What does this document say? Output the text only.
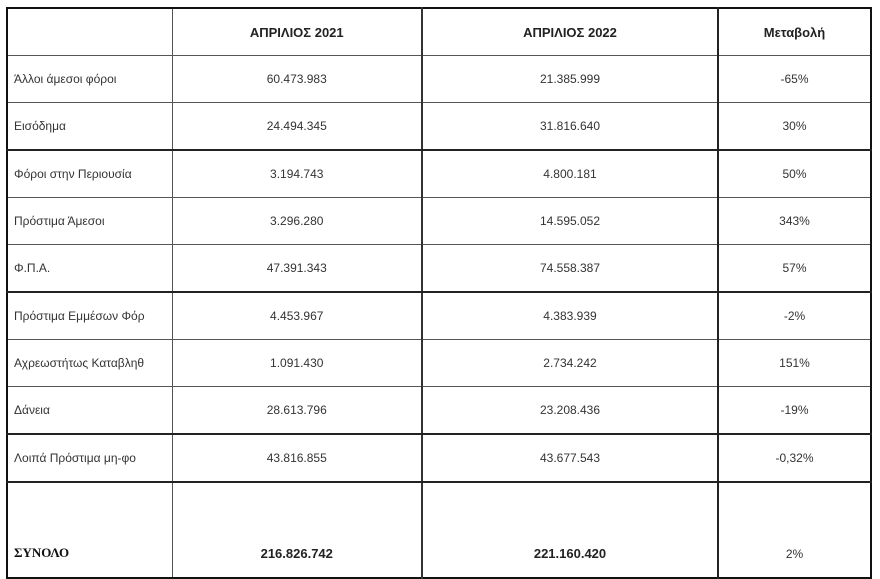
	ΑΠΡΙΛΙΟΣ 2021	ΑΠΡΙΛΙΟΣ 2022	Μεταβολή
Άλλοι άμεσοι φόροι	60.473.983	21.385.999	-65%
Εισόδημα	24.494.345	31.816.640	30%
Φόροι στην Περιουσία	3.194.743	4.800.181	50%
Πρόστιμα Άμεσοι	3.296.280	14.595.052	343%
Φ.Π.Α.	47.391.343	74.558.387	57%
Πρόστιμα Εμμέσων Φόρ	4.453.967	4.383.939	-2%
Αχρεωστήτως Καταβληθ	1.091.430	2.734.242	151%
Δάνεια	28.613.796	23.208.436	-19%
Λοιπά Πρόστιμα μη-φο	43.816.855	43.677.543	-0,32%
ΣΥΝΟΛΟ	216.826.742	221.160.420	2%
